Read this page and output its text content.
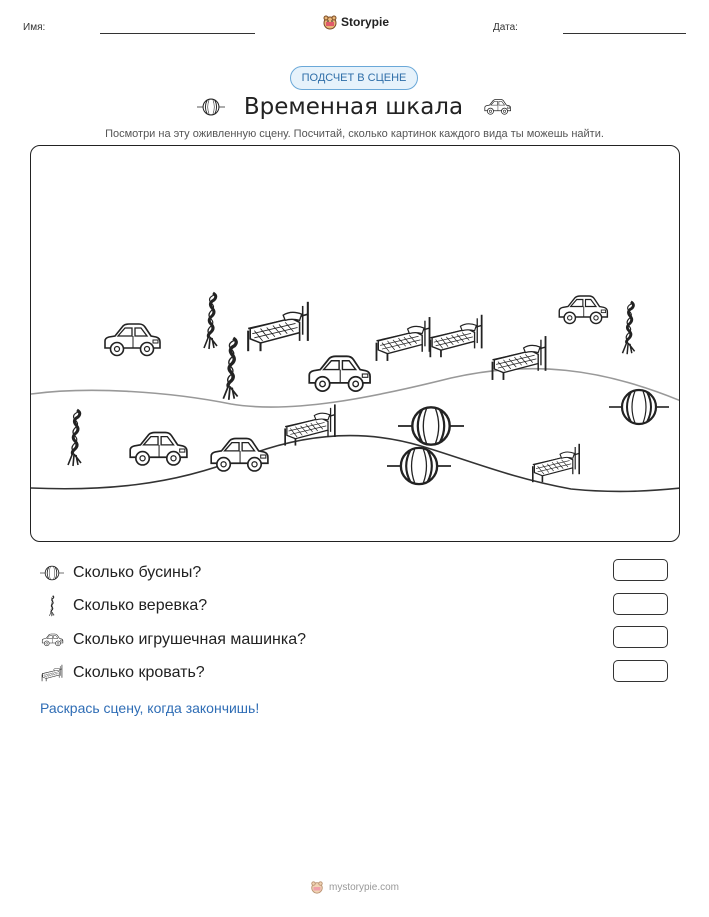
Имя:	Storypie	Дата:
ПОДСЧЕТ В СЦЕНЕ
Временная шкала
Посмотри на эту оживленную сцену. Посчитай, сколько картинок каждого вида ты можешь найти.
Сколько бусины?
Сколько веревка?
Сколько игрушечная машинка?
Сколько кровать?
Раскрась сцену, когда закончишь!
mystorypie.com
